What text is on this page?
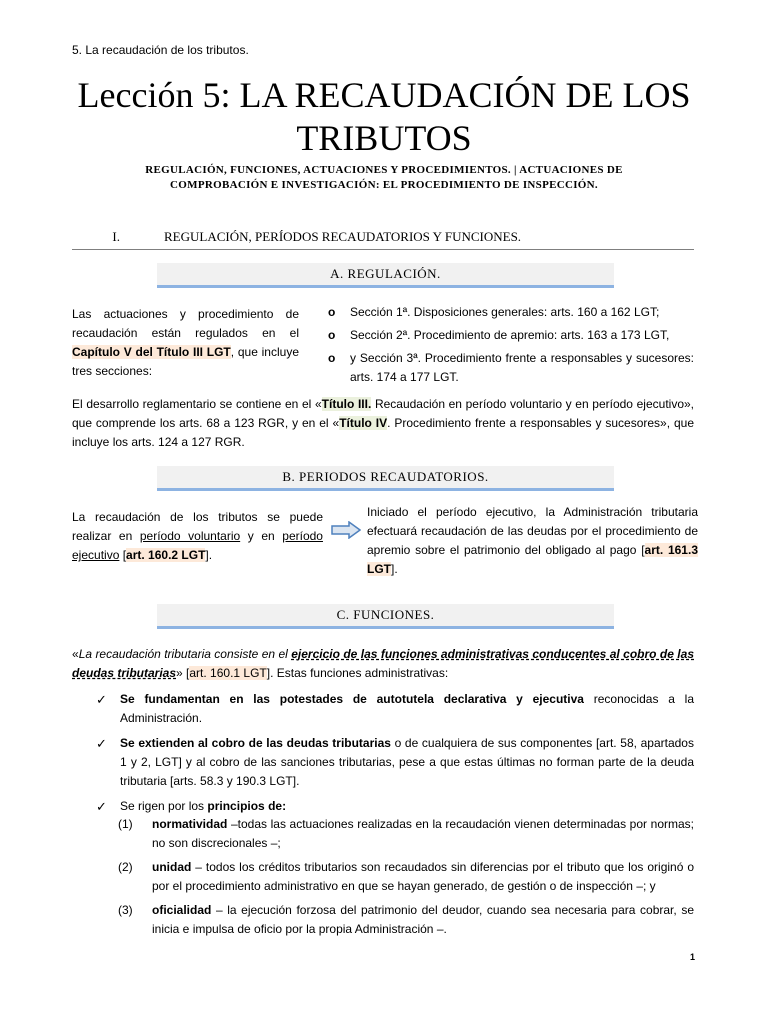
5. La recaudación de los tributos.
Lección 5: LA RECAUDACIÓN DE LOS TRIBUTOS
REGULACIÓN, FUNCIONES, ACTUACIONES Y PROCEDIMIENTOS. | ACTUACIONES DE COMPROBACIÓN E INVESTIGACIÓN: EL PROCEDIMIENTO DE INSPECCIÓN.
I.	REGULACIÓN, PERÍODOS RECAUDATORIOS Y FUNCIONES.
A. REGULACIÓN.
Las actuaciones y procedimiento de recaudación están regulados en el Capítulo V del Título III LGT, que incluye tres secciones:
o Sección 1ª. Disposiciones generales: arts. 160 a 162 LGT;
o Sección 2ª. Procedimiento de apremio: arts. 163 a 173 LGT,
o y Sección 3ª. Procedimiento frente a responsables y sucesores: arts. 174 a 177 LGT.
El desarrollo reglamentario se contiene en el «Título III. Recaudación en período voluntario y en período ejecutivo», que comprende los arts. 68 a 123 RGR, y en el «Título IV. Procedimiento frente a responsables y sucesores», que incluye los arts. 124 a 127 RGR.
B. PERIODOS RECAUDATORIOS.
La recaudación de los tributos se puede realizar en período voluntario y en período ejecutivo [art. 160.2 LGT].
Iniciado el período ejecutivo, la Administración tributaria efectuará recaudación de las deudas por el procedimiento de apremio sobre el patrimonio del obligado al pago [art. 161.3 LGT].
C. FUNCIONES.
«La recaudación tributaria consiste en el ejercicio de las funciones administrativas conducentes al cobro de las deudas tributarias» [art. 160.1 LGT]. Estas funciones administrativas:
✓ Se fundamentan en las potestades de autotutela declarativa y ejecutiva reconocidas a la Administración.
✓ Se extienden al cobro de las deudas tributarias o de cualquiera de sus componentes [art. 58, apartados 1 y 2, LGT] y al cobro de las sanciones tributarias, pese a que estas últimas no forman parte de la deuda tributaria [arts. 58.3 y 190.3 LGT].
✓ Se rigen por los principios de:
(1) normatividad –todas las actuaciones realizadas en la recaudación vienen determinadas por normas; no son discrecionales –;
(2) unidad – todos los créditos tributarios son recaudados sin diferencias por el tributo que los originó o por el procedimiento administrativo en que se hayan generado, de gestión o de inspección –; y
(3) oficialidad – la ejecución forzosa del patrimonio del deudor, cuando sea necesaria para cobrar, se inicia e impulsa de oficio por la propia Administración –.
1
